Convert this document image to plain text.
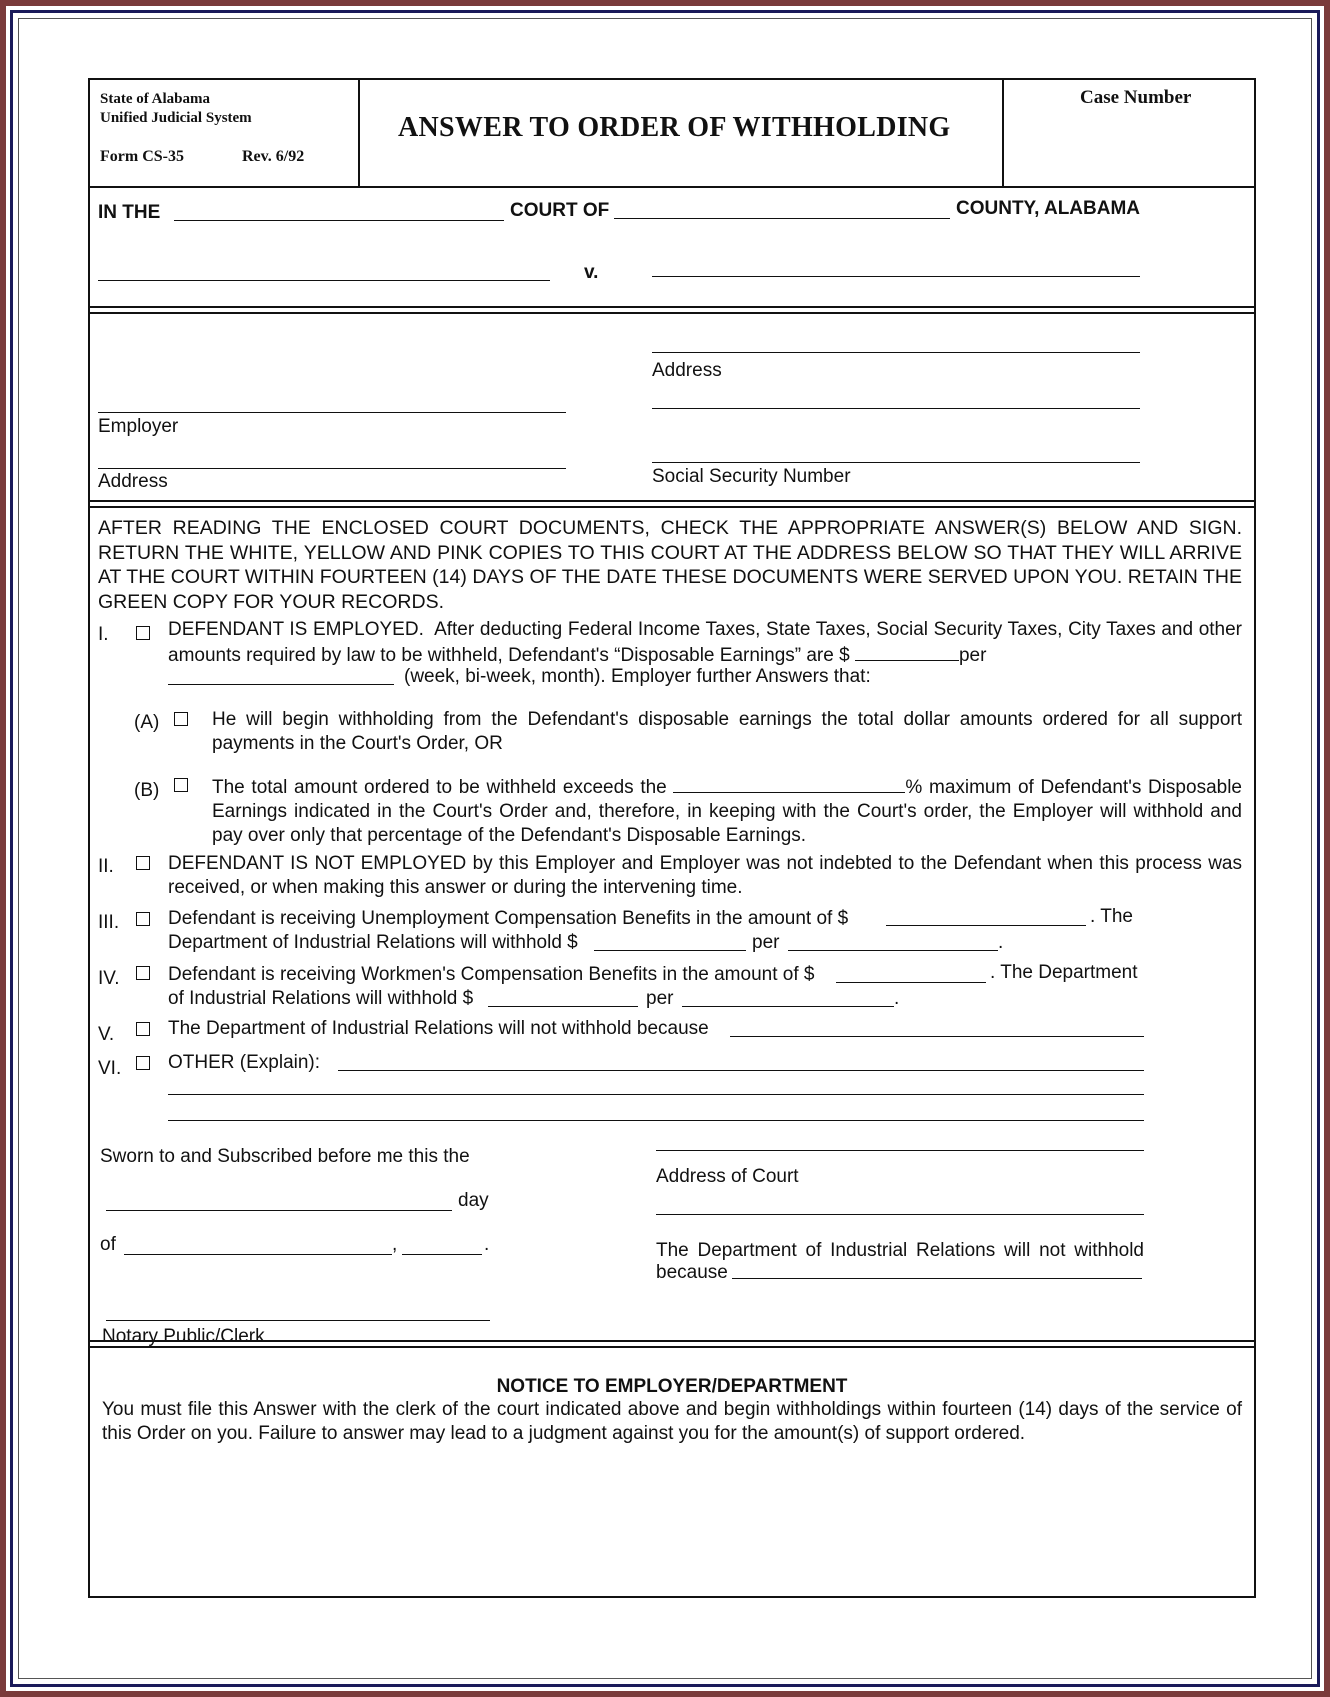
State of Alabama
Unified Judicial System
Form CS-35	Rev. 6/92
ANSWER TO ORDER OF WITHHOLDING
Case Number
IN THE	COURT OF	COUNTY, ALABAMA
v.
Address
Employer
Address	Social Security Number
AFTER READING THE ENCLOSED COURT DOCUMENTS, CHECK THE APPROPRIATE ANSWER(S) BELOW AND SIGN. RETURN THE WHITE, YELLOW AND PINK COPIES TO THIS COURT AT THE ADDRESS BELOW SO THAT THEY WILL ARRIVE AT THE COURT WITHIN FOURTEEN (14) DAYS OF THE DATE THESE DOCUMENTS WERE SERVED UPON YOU. RETAIN THE GREEN COPY FOR YOUR RECORDS.
I.	DEFENDANT IS EMPLOYED. After deducting Federal Income Taxes, State Taxes, Social Security Taxes, City Taxes and other amounts required by law to be withheld, Defendant's “Disposable Earnings” are $	per
(week, bi-week, month). Employer further Answers that:
(A)	He will begin withholding from the Defendant's disposable earnings the total dollar amounts ordered for all support payments in the Court's Order, OR
(B)	The total amount ordered to be withheld exceeds the	% maximum of Defendant's Disposable Earnings indicated in the Court's Order and, therefore, in keeping with the Court's order, the Employer will withhold and pay over only that percentage of the Defendant's Disposable Earnings.
II.	DEFENDANT IS NOT EMPLOYED by this Employer and Employer was not indebted to the Defendant when this process was received, or when making this answer or during the intervening time.
III.	Defendant is receiving Unemployment Compensation Benefits in the amount of $	. The
Department of Industrial Relations will withhold $	per	.
IV.	Defendant is receiving Workmen's Compensation Benefits in the amount of $	. The Department
of Industrial Relations will withhold $	per	.
V.	The Department of Industrial Relations will not withhold because
VI. OTHER (Explain):
Sworn to and Subscribed before me this the
day
of	,	.
Notary Public/Clerk
Address of Court
The Department of Industrial Relations will not withhold
because
NOTICE TO EMPLOYER/DEPARTMENT
You must file this Answer with the clerk of the court indicated above and begin withholdings within fourteen (14) days of the service of this Order on you. Failure to answer may lead to a judgment against you for the amount(s) of support ordered.
